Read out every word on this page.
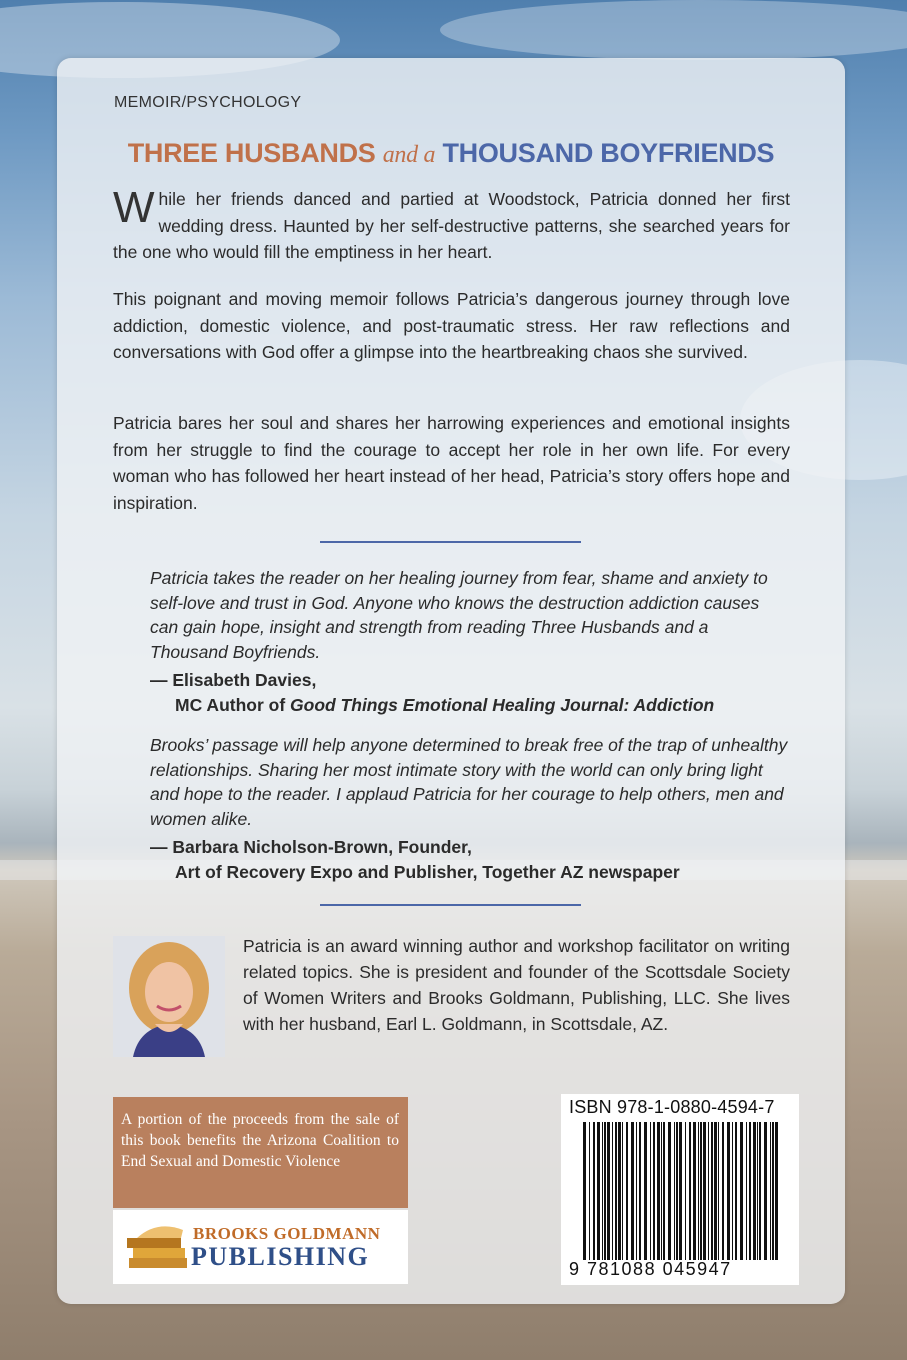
MEMOIR/PSYCHOLOGY
THREE HUSBANDS and a THOUSAND BOYFRIENDS
While her friends danced and partied at Woodstock, Patricia donned her first wedding dress. Haunted by her self-destructive patterns, she searched years for the one who would fill the emptiness in her heart.
This poignant and moving memoir follows Patricia’s dangerous journey through love addiction, domestic violence, and post-traumatic stress. Her raw reflections and conversations with God offer a glimpse into the heartbreaking chaos she survived.
Patricia bares her soul and shares her harrowing experiences and emotional insights from her struggle to find the courage to accept her role in her own life. For every woman who has followed her heart instead of her head, Patricia’s story offers hope and inspiration.
Patricia takes the reader on her healing journey from fear, shame and anxiety to self-love and trust in God. Anyone who knows the destruction addiction causes can gain hope, insight and strength from reading Three Husbands and a Thousand Boyfriends.
— Elisabeth Davies,
MC Author of Good Things Emotional Healing Journal: Addiction
Brooks’ passage will help anyone determined to break free of the trap of unhealthy relationships. Sharing her most intimate story with the world can only bring light and hope to the reader. I applaud Patricia for her courage to help others, men and women alike.
— Barbara Nicholson-Brown, Founder,
Art of Recovery Expo and Publisher, Together AZ newspaper
Patricia is an award winning author and workshop facilitator on writing related topics. She is president and founder of the Scottsdale Society of Women Writers and Brooks Goldmann, Publishing, LLC. She lives with her husband, Earl L. Goldmann, in Scottsdale, AZ.
A portion of the proceeds from the sale of this book benefits the Arizona Coalition to End Sexual and Domestic Violence
BROOKS GOLDMANN
PUBLISHING
ISBN 978-1-0880-4594-7
9 781088 045947
